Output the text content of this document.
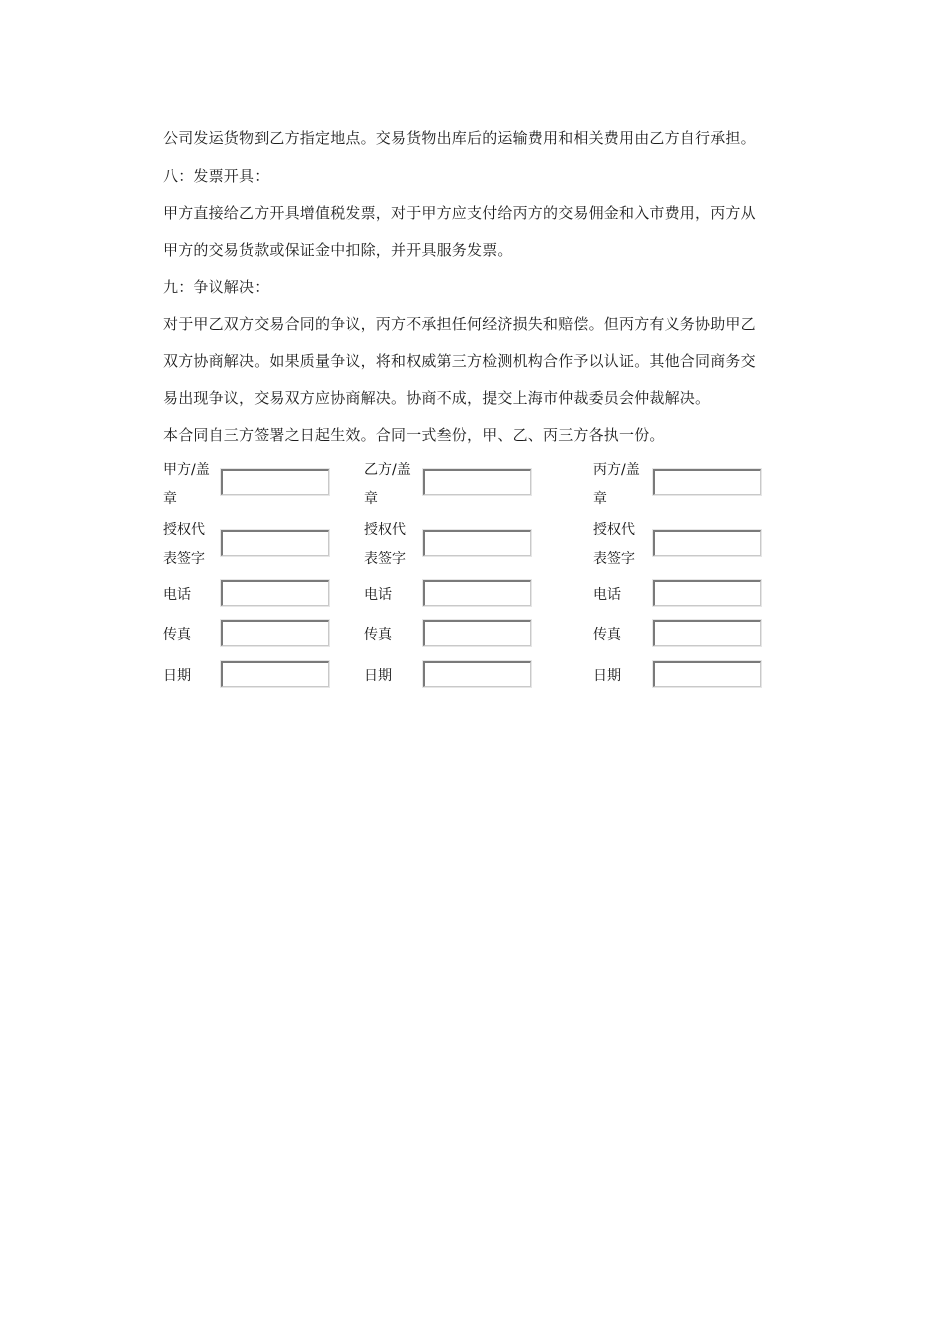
公司发运货物到乙方指定地点。交易货物出库后的运输费用和相关费用由乙方自行承担。

八：发票开具：

甲方直接给乙方开具增值税发票，对于甲方应支付给丙方的交易佣金和入市费用，丙方从

甲方的交易货款或保证金中扣除，并开具服务发票。

九：争议解决：

对于甲乙双方交易合同的争议，丙方不承担任何经济损失和赔偿。但丙方有义务协助甲乙

双方协商解决。如果质量争议，将和权威第三方检测机构合作予以认证。其他合同商务交

易出现争议，交易双方应协商解决。协商不成，提交上海市仲裁委员会仲裁解决。

本合同自三方签署之日起生效。合同一式叁份，甲、乙、丙三方各执一份。

甲方/盖
章
授权代
表签字
电话
传真
日期
乙方/盖
章
授权代
表签字
电话
传真
日期
丙方/盖
章
授权代
表签字
电话
传真
日期
